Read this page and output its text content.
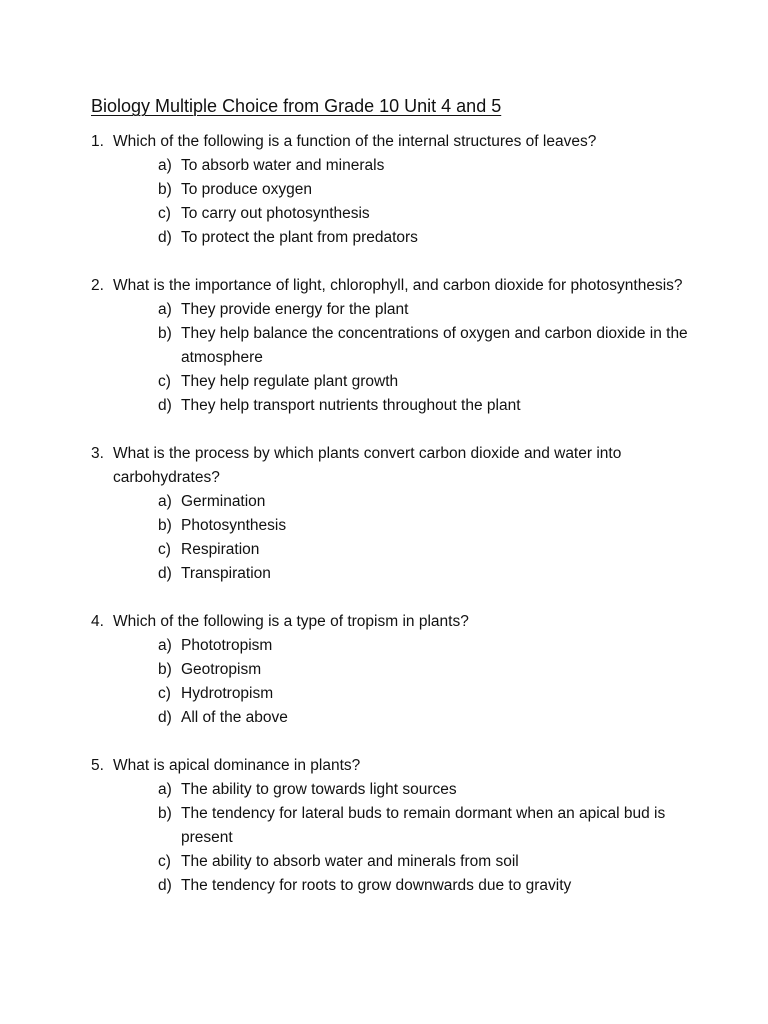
Biology Multiple Choice from Grade 10 Unit 4 and 5
1. Which of the following is a function of the internal structures of leaves?
a) To absorb water and minerals
b) To produce oxygen
c) To carry out photosynthesis
d) To protect the plant from predators
2. What is the importance of light, chlorophyll, and carbon dioxide for photosynthesis?
a) They provide energy for the plant
b) They help balance the concentrations of oxygen and carbon dioxide in the atmosphere
c) They help regulate plant growth
d) They help transport nutrients throughout the plant
3. What is the process by which plants convert carbon dioxide and water into carbohydrates?
a) Germination
b) Photosynthesis
c) Respiration
d) Transpiration
4. Which of the following is a type of tropism in plants?
a) Phototropism
b) Geotropism
c) Hydrotropism
d) All of the above
5. What is apical dominance in plants?
a) The ability to grow towards light sources
b) The tendency for lateral buds to remain dormant when an apical bud is present
c) The ability to absorb water and minerals from soil
d) The tendency for roots to grow downwards due to gravity
